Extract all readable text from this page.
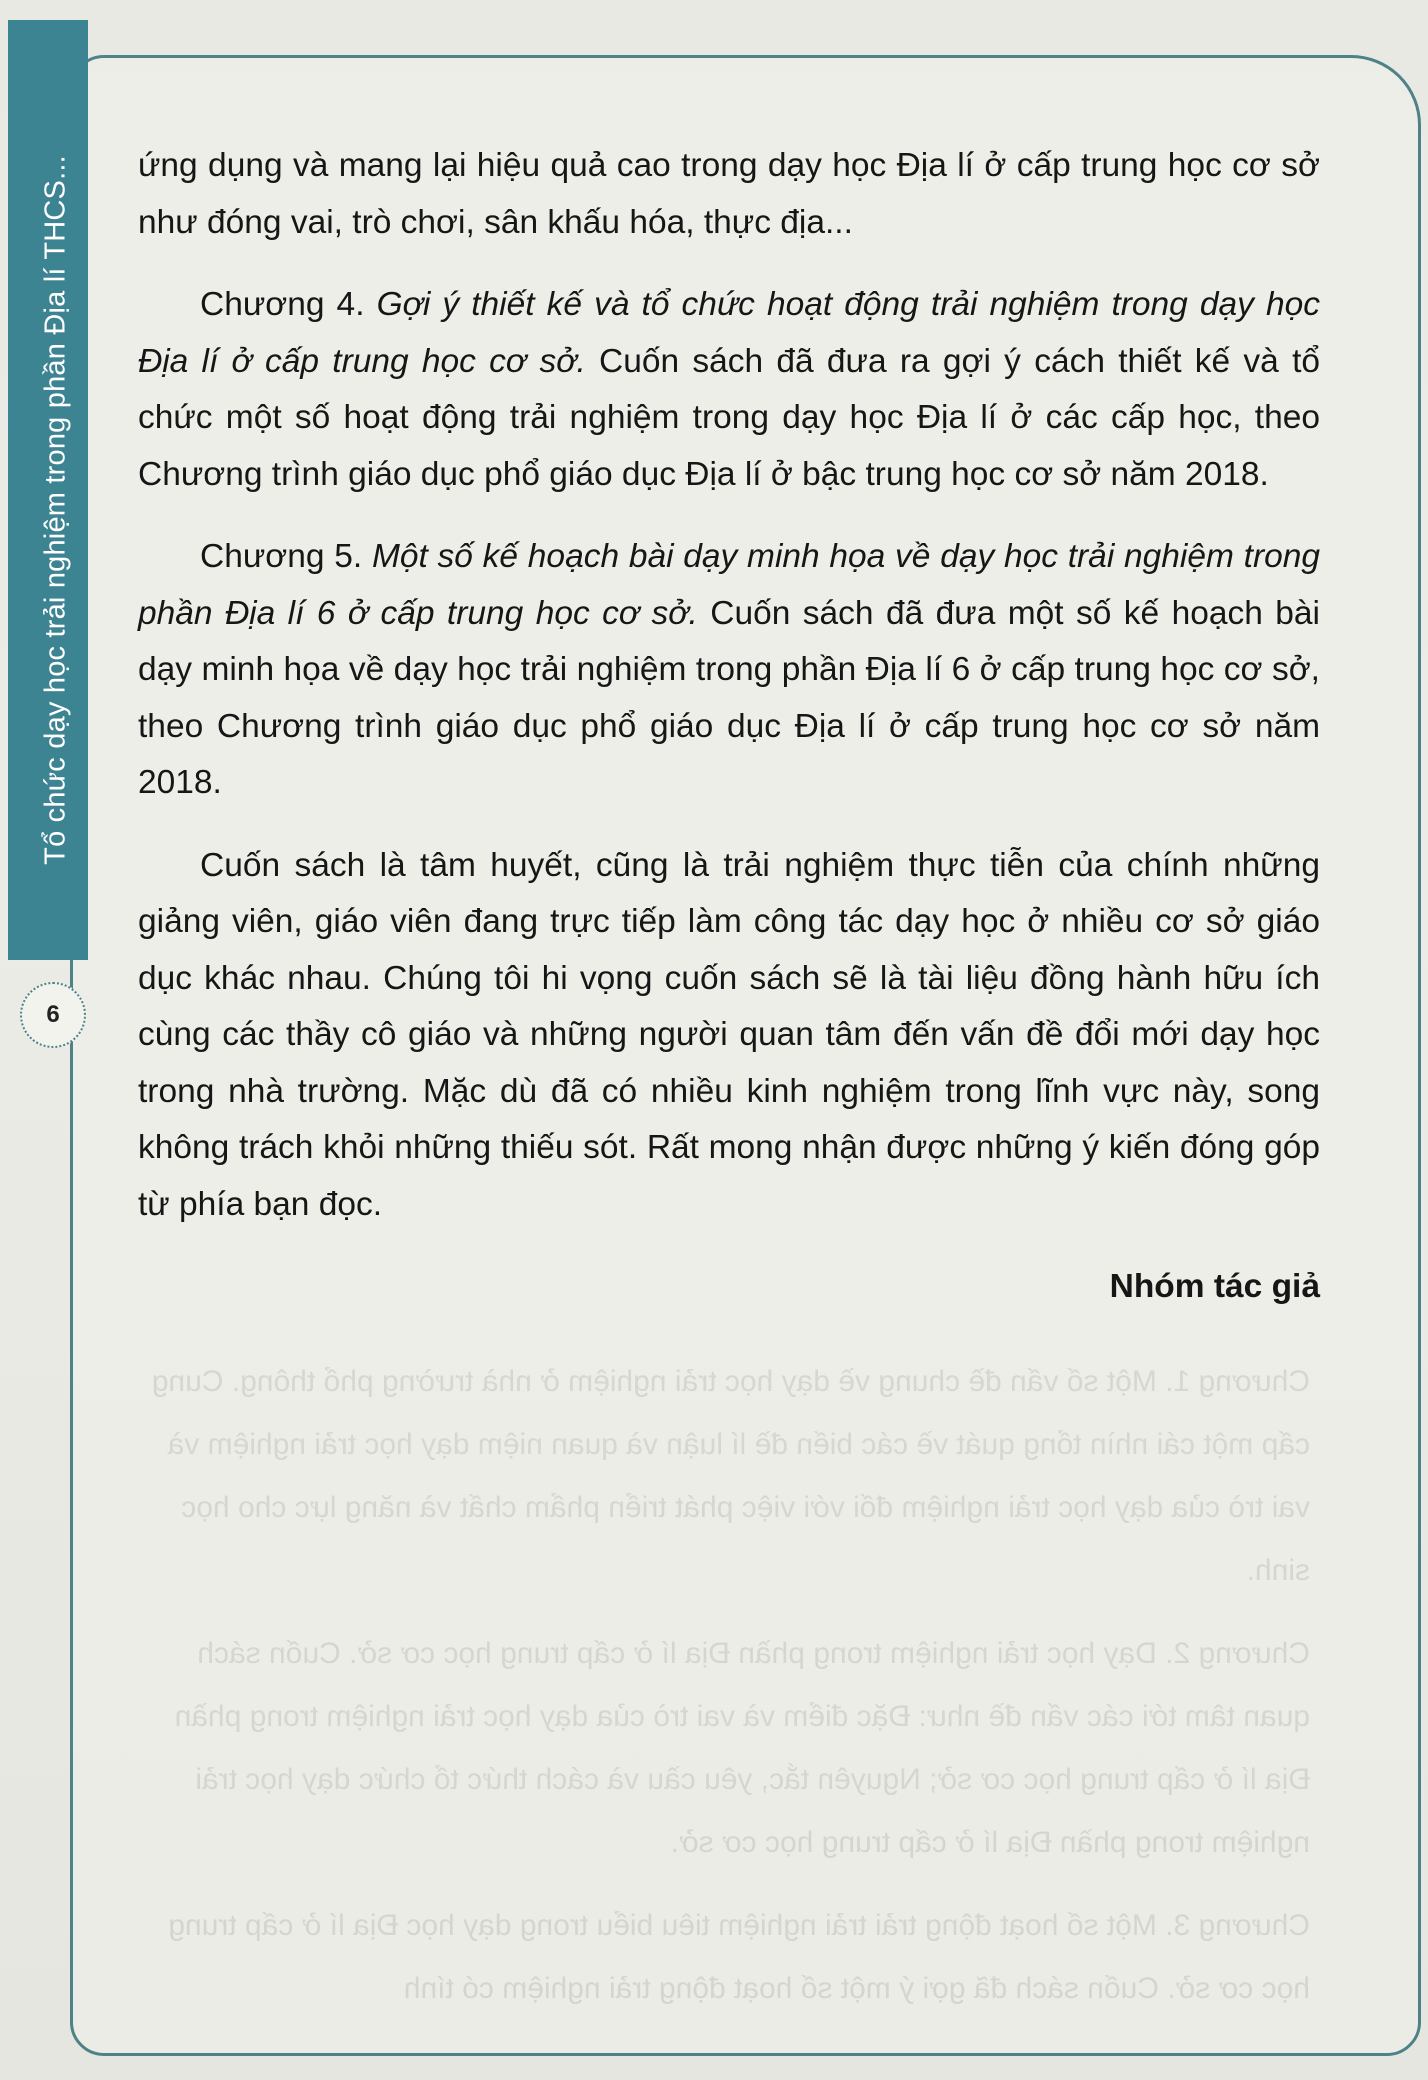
Tổ chức dạy học trải nghiệm trong phần Địa lí THCS...
6

ứng dụng và mang lại hiệu quả cao trong dạy học Địa lí ở cấp trung học cơ sở như đóng vai, trò chơi, sân khấu hóa, thực địa...

Chương 4. Gợi ý thiết kế và tổ chức hoạt động trải nghiệm trong dạy học Địa lí ở cấp trung học cơ sở. Cuốn sách đã đưa ra gợi ý cách thiết kế và tổ chức một số hoạt động trải nghiệm trong dạy học Địa lí ở các cấp học, theo Chương trình giáo dục phổ giáo dục Địa lí ở bậc trung học cơ sở năm 2018.

Chương 5. Một số kế hoạch bài dạy minh họa về dạy học trải nghiệm trong phần Địa lí 6 ở cấp trung học cơ sở. Cuốn sách đã đưa một số kế hoạch bài dạy minh họa về dạy học trải nghiệm trong phần Địa lí 6 ở cấp trung học cơ sở, theo Chương trình giáo dục phổ giáo dục Địa lí ở cấp trung học cơ sở năm 2018.

Cuốn sách là tâm huyết, cũng là trải nghiệm thực tiễn của chính những giảng viên, giáo viên đang trực tiếp làm công tác dạy học ở nhiều cơ sở giáo dục khác nhau. Chúng tôi hi vọng cuốn sách sẽ là tài liệu đồng hành hữu ích cùng các thầy cô giáo và những người quan tâm đến vấn đề đổi mới dạy học trong nhà trường. Mặc dù đã có nhiều kinh nghiệm trong lĩnh vực này, song không trách khỏi những thiếu sót. Rất mong nhận được những ý kiến đóng góp từ phía bạn đọc.

Nhóm tác giả
